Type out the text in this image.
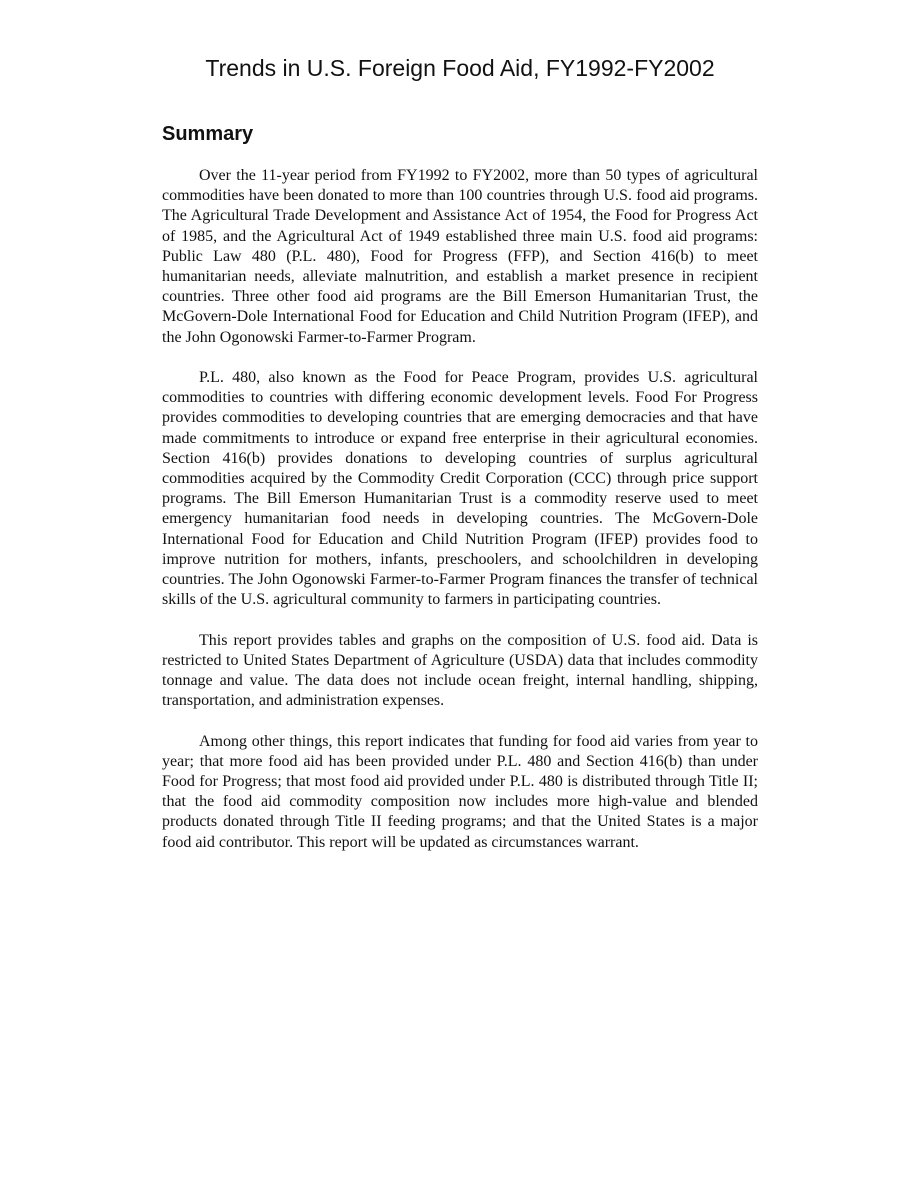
Trends in U.S. Foreign Food Aid, FY1992-FY2002
Summary

Over the 11-year period from FY1992 to FY2002, more than 50 types of agricultural commodities have been donated to more than 100 countries through U.S. food aid programs. The Agricultural Trade Development and Assistance Act of 1954, the Food for Progress Act of 1985, and the Agricultural Act of 1949 established three main U.S. food aid programs: Public Law 480 (P.L. 480), Food for Progress (FFP), and Section 416(b) to meet humanitarian needs, alleviate malnutrition, and establish a market presence in recipient countries. Three other food aid programs are the Bill Emerson Humanitarian Trust, the McGovern-Dole International Food for Education and Child Nutrition Program (IFEP), and the John Ogonowski Farmer-to-Farmer Program.

P.L. 480, also known as the Food for Peace Program, provides U.S. agricultural commodities to countries with differing economic development levels. Food For Progress provides commodities to developing countries that are emerging democracies and that have made commitments to introduce or expand free enterprise in their agricultural economies. Section 416(b) provides donations to developing countries of surplus agricultural commodities acquired by the Commodity Credit Corporation (CCC) through price support programs. The Bill Emerson Humanitarian Trust is a commodity reserve used to meet emergency humanitarian food needs in developing countries. The McGovern-Dole International Food for Education and Child Nutrition Program (IFEP) provides food to improve nutrition for mothers, infants, preschoolers, and schoolchildren in developing countries. The John Ogonowski Farmer-to-Farmer Program finances the transfer of technical skills of the U.S. agricultural community to farmers in participating countries.

This report provides tables and graphs on the composition of U.S. food aid. Data is restricted to United States Department of Agriculture (USDA) data that includes commodity tonnage and value. The data does not include ocean freight, internal handling, shipping, transportation, and administration expenses.

Among other things, this report indicates that funding for food aid varies from year to year; that more food aid has been provided under P.L. 480 and Section 416(b) than under Food for Progress; that most food aid provided under P.L. 480 is distributed through Title II; that the food aid commodity composition now includes more high-value and blended products donated through Title II feeding programs; and that the United States is a major food aid contributor. This report will be updated as circumstances warrant.
